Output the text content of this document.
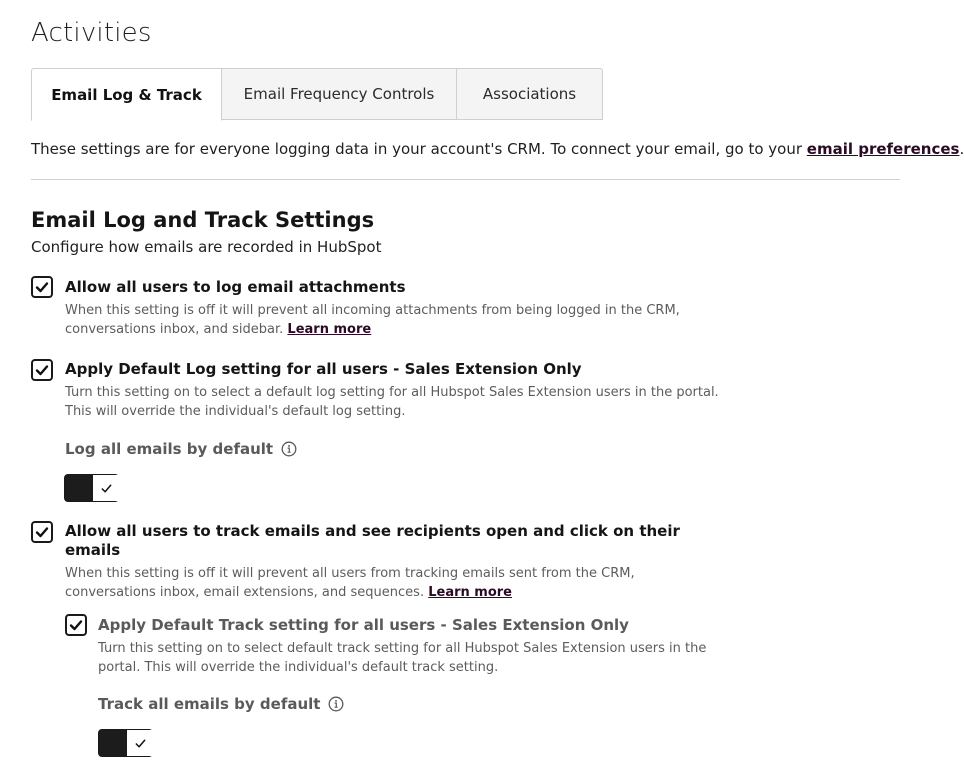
Activities
Email Log & Track	Email Frequency Controls	Associations
These settings are for everyone logging data in your account's CRM. To connect your email, go to your email preferences.
Email Log and Track Settings
Configure how emails are recorded in HubSpot
Allow all users to log email attachments
When this setting is off it will prevent all incoming attachments from being logged in the CRM,
conversations inbox, and sidebar. Learn more
Apply Default Log setting for all users - Sales Extension Only
Turn this setting on to select a default log setting for all Hubspot Sales Extension users in the portal.
This will override the individual's default log setting.
Log all emails by default
Allow all users to track emails and see recipients open and click on their
emails
When this setting is off it will prevent all users from tracking emails sent from the CRM,
conversations inbox, email extensions, and sequences. Learn more
Apply Default Track setting for all users - Sales Extension Only
Turn this setting on to select default track setting for all Hubspot Sales Extension users in the
portal. This will override the individual's default track setting.
Track all emails by default
